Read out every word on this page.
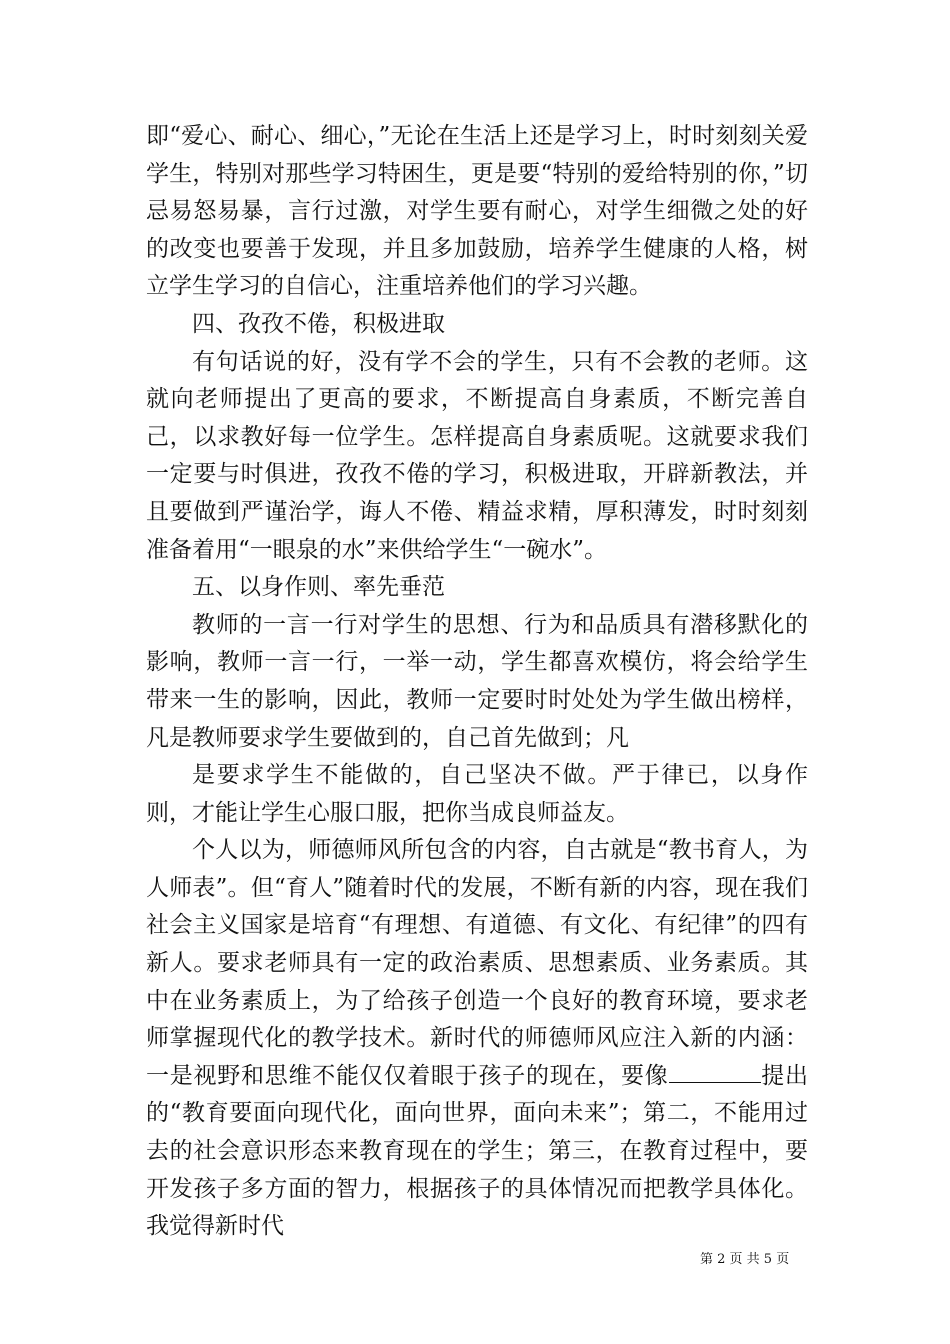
即“爱心、耐心、细心，”无论在生活上还是学习上，时时刻刻关爱学生，特别对那些学习特困生，更是要“特别的爱给特别的你，”切忌易怒易暴，言行过激，对学生要有耐心，对学生细微之处的好的改变也要善于发现，并且多加鼓励，培养学生健康的人格，树立学生学习的自信心，注重培养他们的学习兴趣。

四、孜孜不倦，积极进取

有句话说的好，没有学不会的学生，只有不会教的老师。这就向老师提出了更高的要求，不断提高自身素质，不断完善自己，以求教好每一位学生。怎样提高自身素质呢。这就要求我们一定要与时俱进，孜孜不倦的学习，积极进取，开辟新教法，并且要做到严谨治学，诲人不倦、精益求精，厚积薄发，时时刻刻准备着用“一眼泉的水”来供给学生“一碗水”。

五、以身作则、率先垂范

教师的一言一行对学生的思想、行为和品质具有潜移默化的影响，教师一言一行，一举一动，学生都喜欢模仿，将会给学生带来一生的影响，因此，教师一定要时时处处为学生做出榜样，凡是教师要求学生要做到的，自己首先做到；凡

是要求学生不能做的，自己坚决不做。严于律已，以身作则，才能让学生心服口服，把你当成良师益友。

个人以为，师德师风所包含的内容，自古就是“教书育人，为人师表”。但“育人”随着时代的发展，不断有新的内容，现在我们社会主义国家是培育“有理想、有道德、有文化、有纪律”的四有新人。要求老师具有一定的政治素质、思想素质、业务素质。其中在业务素质上，为了给孩子创造一个良好的教育环境，要求老师掌握现代化的教学技术。新时代的师德师风应注入新的内涵：一是视野和思维不能仅仅着眼于孩子的现在，要像	提出的“教育要面向现代化，面向世界，面向未来”；第二，不能用过去的社会意识形态来教育现在的学生；第三，在教育过程中，要开发孩子多方面的智力，根据孩子的具体情况而把教学具体化。我觉得新时代

第 2 页 共 5 页
